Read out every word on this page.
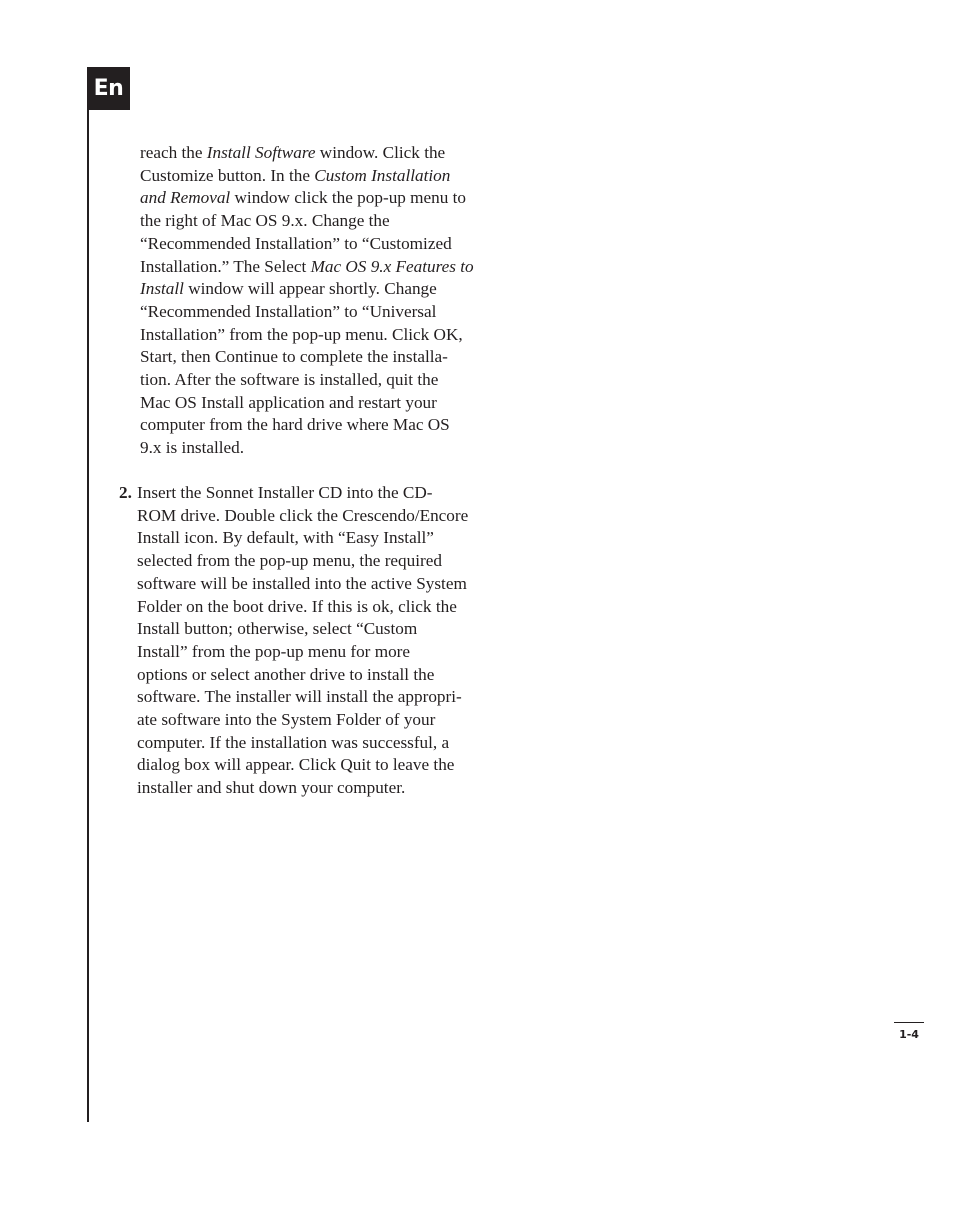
En
reach the Install Software window. Click the
Customize button. In the Custom Installation
and Removal window click the pop-up menu to
the right of Mac OS 9.x. Change the
“Recommended Installation” to “Customized
Installation.” The Select Mac OS 9.x Features to
Install window will appear shortly. Change
“Recommended Installation” to “Universal
Installation” from the pop-up menu. Click OK,
Start, then Continue to complete the installa-
tion. After the software is installed, quit the
Mac OS Install application and restart your
computer from the hard drive where Mac OS
9.x is installed.
2. Insert the Sonnet Installer CD into the CD-
ROM drive. Double click the Crescendo/Encore
Install icon. By default, with “Easy Install”
selected from the pop-up menu, the required
software will be installed into the active System
Folder on the boot drive. If this is ok, click the
Install button; otherwise, select “Custom
Install” from the pop-up menu for more
options or select another drive to install the
software. The installer will install the appropri-
ate software into the System Folder of your
computer. If the installation was successful, a
dialog box will appear. Click Quit to leave the
installer and shut down your computer.
1-4
